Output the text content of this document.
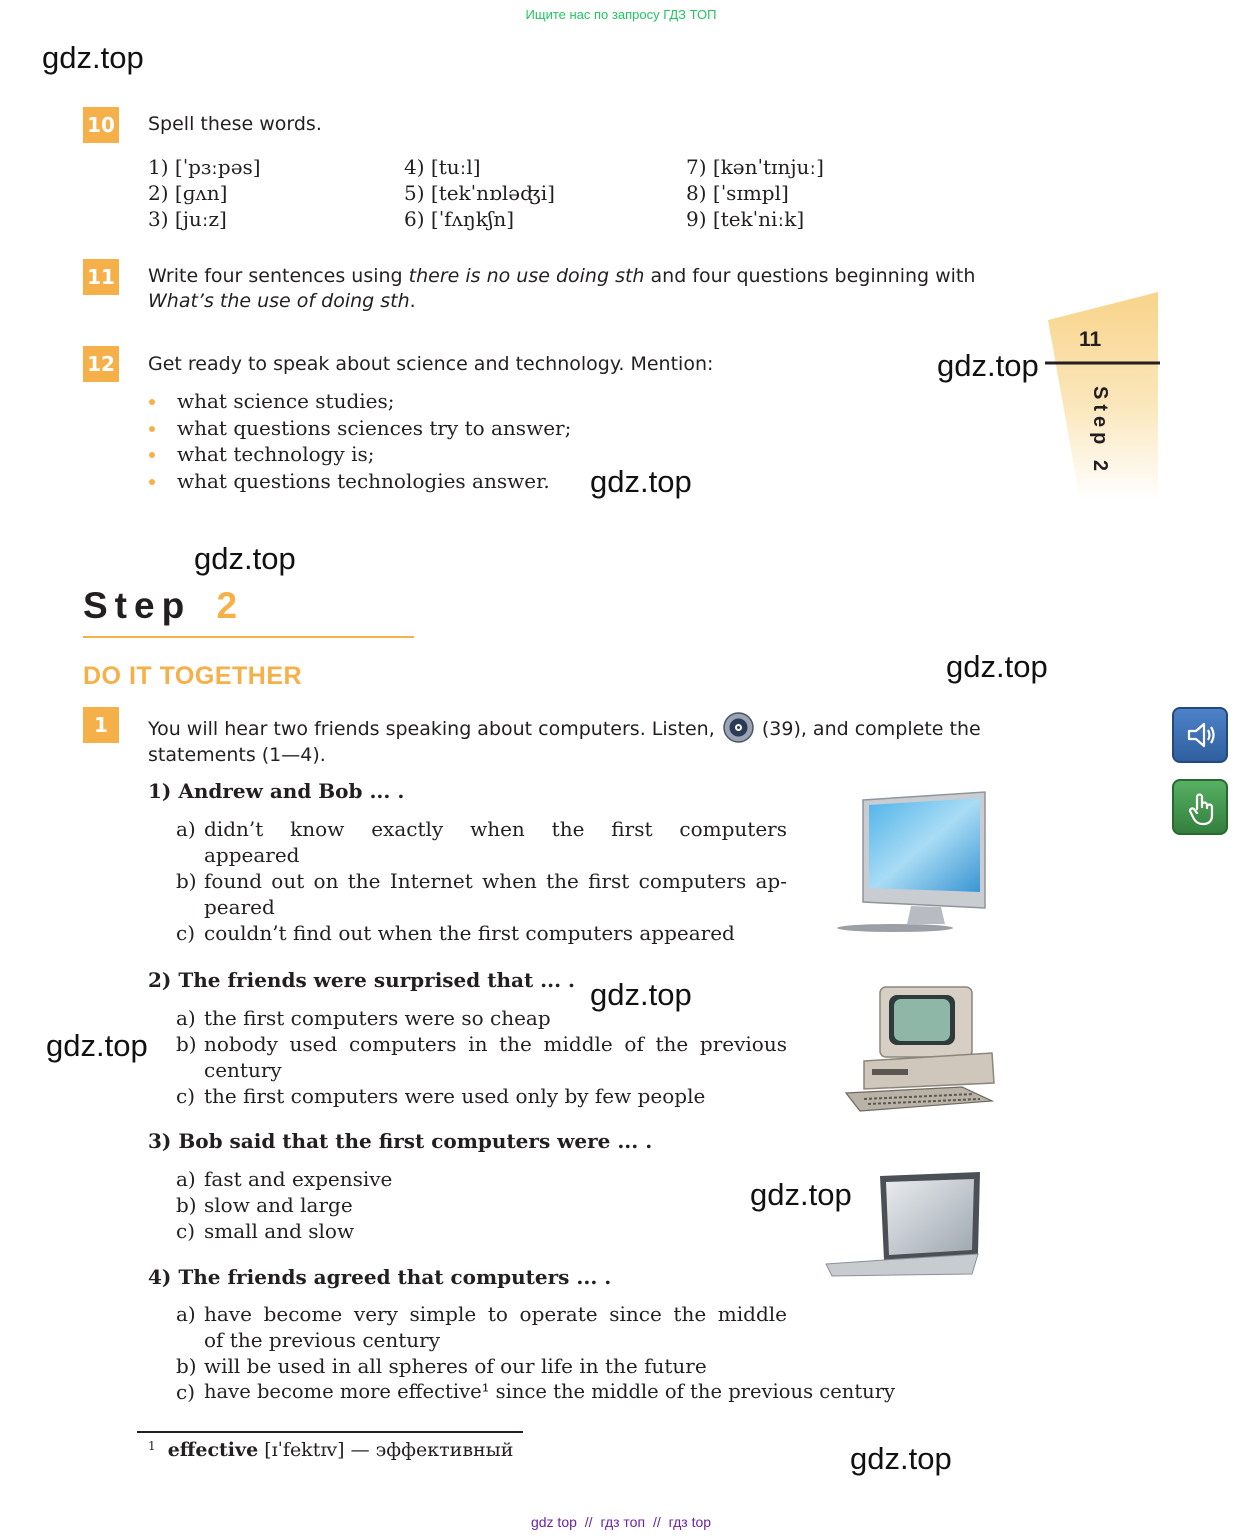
Ищите нас по запросу ГДЗ ТОП
gdz.top
gdz.top
gdz.top
gdz.top
gdz.top
gdz.top
gdz.top
gdz.top
gdz.top
10 Spell these words.
1) [ˈpɜːpəs]
2) [ɡʌn]
3) [juːz]
4) [tuːl]
5) [tekˈnɒləʤi]
6) [ˈfʌŋkʃn]
7) [kənˈtɪnjuː]
8) [ˈsɪmpl]
9) [tekˈniːk]
11 Write four sentences using there is no use doing sth and four questions beginning with
What’s the use of doing sth.
12 Get ready to speak about science and technology. Mention:
what science studies;
what questions sciences try to answer;
what technology is;
what questions technologies answer.
11
Step 2
Step 2
DO IT TOGETHER
1	You will hear two friends speaking about computers. Listen,  (39), and complete the
statements (1—4).
1) Andrew and Bob ... .
a) didn’t know exactly when the first computers
appeared
b) found out on the Internet when the first computers ap-
peared
c) couldn’t find out when the first computers appeared
2) The friends were surprised that ... .
a) the first computers were so cheap
b) nobody used computers in the middle of the previous
century
c) the first computers were used only by few people
3) Bob said that the first computers were ... .
a) fast and expensive
b) slow and large
c) small and slow
4) The friends agreed that computers ... .
a) have become very simple to operate since the middle
of the previous century
b) will be used in all spheres of our life in the future
c) have become more effective¹ since the middle of the previous century
$^1$ effective [ɪˈfektɪv] — эффективный
gdz top // гдз топ // гдз top
